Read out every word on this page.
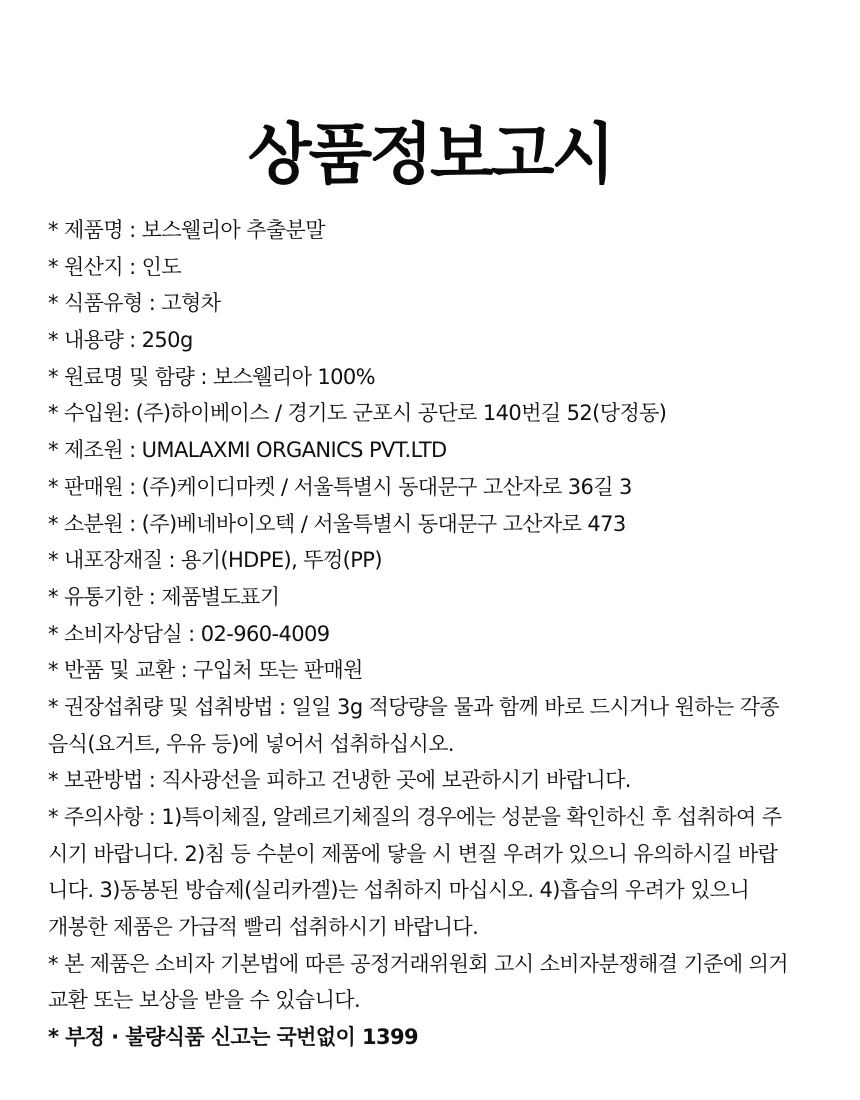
상품정보고시
* 제품명 : 보스웰리아 추출분말
* 원산지 : 인도
* 식품유형 : 고형차
* 내용량 : 250g
* 원료명 및 함량 : 보스웰리아 100%
* 수입원: (주)하이베이스 / 경기도 군포시 공단로 140번길 52(당정동)
* 제조원 : UMALAXMI ORGANICS PVT.LTD
* 판매원 : (주)케이디마켓 / 서울특별시 동대문구 고산자로 36길 3
* 소분원 : (주)베네바이오텍 / 서울특별시 동대문구 고산자로 473
* 내포장재질 : 용기(HDPE), 뚜껑(PP)
* 유통기한 : 제품별도표기
* 소비자상담실 : 02-960-4009
* 반품 및 교환 : 구입처 또는 판매원
* 권장섭취량 및 섭취방법 : 일일 3g 적당량을 물과 함께 바로 드시거나 원하는 각종
음식(요거트, 우유 등)에 넣어서 섭취하십시오.
* 보관방법 : 직사광선을 피하고 건냉한 곳에 보관하시기 바랍니다.
* 주의사항 : 1)특이체질, 알레르기체질의 경우에는 성분을 확인하신 후 섭취하여 주
시기 바랍니다. 2)침 등 수분이 제품에 닿을 시 변질 우려가 있으니 유의하시길 바랍
니다. 3)동봉된 방습제(실리카겔)는 섭취하지 마십시오. 4)흡습의 우려가 있으니
개봉한 제품은 가급적 빨리 섭취하시기 바랍니다.
* 본 제품은 소비자 기본법에 따른 공정거래위원회 고시 소비자분쟁해결 기준에 의거
교환 또는 보상을 받을 수 있습니다.
* 부정 · 불량식품 신고는 국번없이 1399
